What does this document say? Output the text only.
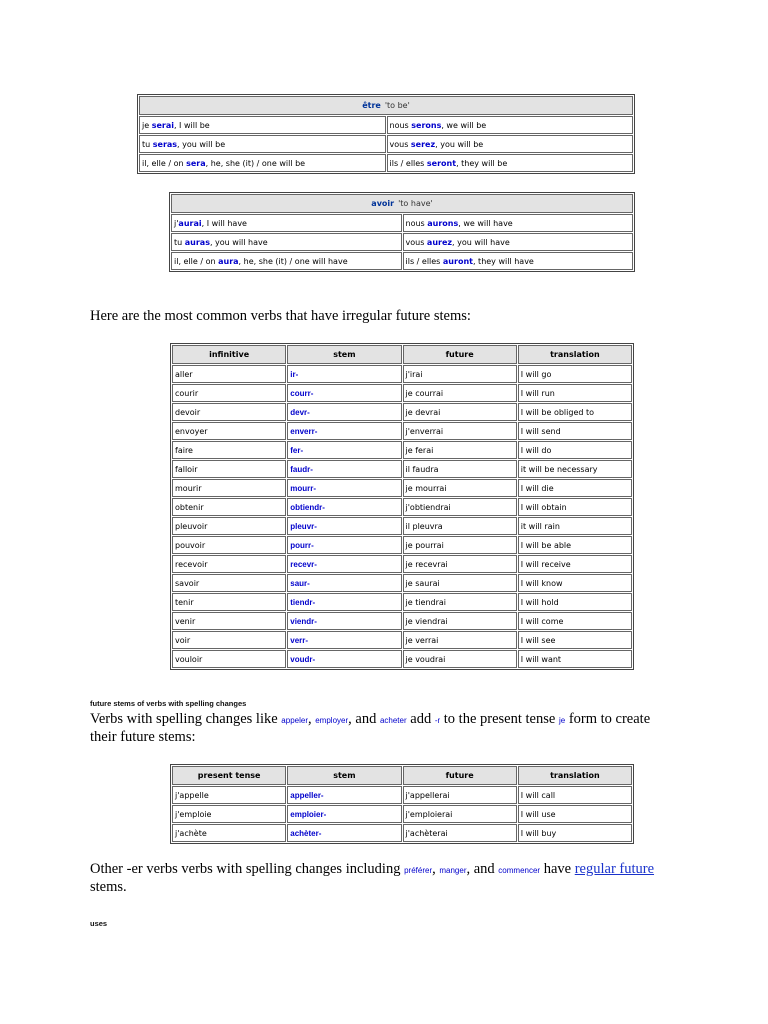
être 'to be'	
je serai, I will be	nous serons, we will be
tu seras, you will be	vous serez, you will be
il, elle / on sera, he, she (it) / one will be	ils / elles seront, they will be
avoir 'to have'	
j'aurai, I will have	nous aurons, we will have
tu auras, you will have	vous aurez, you will have
il, elle / on aura, he, she (it) / one will have	ils / elles auront, they will have
Here are the most common verbs that have irregular future stems:
infinitive	stem	future	translation
aller	ir-	j'irai	I will go
courir	courr-	je courrai	I will run
devoir	devr-	je devrai	I will be obliged to
envoyer	enverr-	j'enverrai	I will send
faire	fer-	je ferai	I will do
falloir	faudr-	il faudra	it will be necessary
mourir	mourr-	je mourrai	I will die
obtenir	obtiendr-	j'obtiendrai	I will obtain
pleuvoir	pleuvr-	il pleuvra	it will rain
pouvoir	pourr-	je pourrai	I will be able
recevoir	recevr-	je recevrai	I will receive
savoir	saur-	je saurai	I will know
tenir	tiendr-	je tiendrai	I will hold
venir	viendr-	je viendrai	I will come
voir	verr-	je verrai	I will see
vouloir	voudr-	je voudrai	I will want
future stems of verbs with spelling changes
Verbs with spelling changes like appeler, employer, and acheter add -r to the present tense je form to create their future stems:
present tense	stem	future	translation
j'appelle	appeller-	j'appellerai	I will call
j'emploie	emploier-	j'emploierai	I will use
j'achète	achèter-	j'achèterai	I will buy
Other -er verbs verbs with spelling changes including préférer, manger, and commencer have regular future stems.
uses
